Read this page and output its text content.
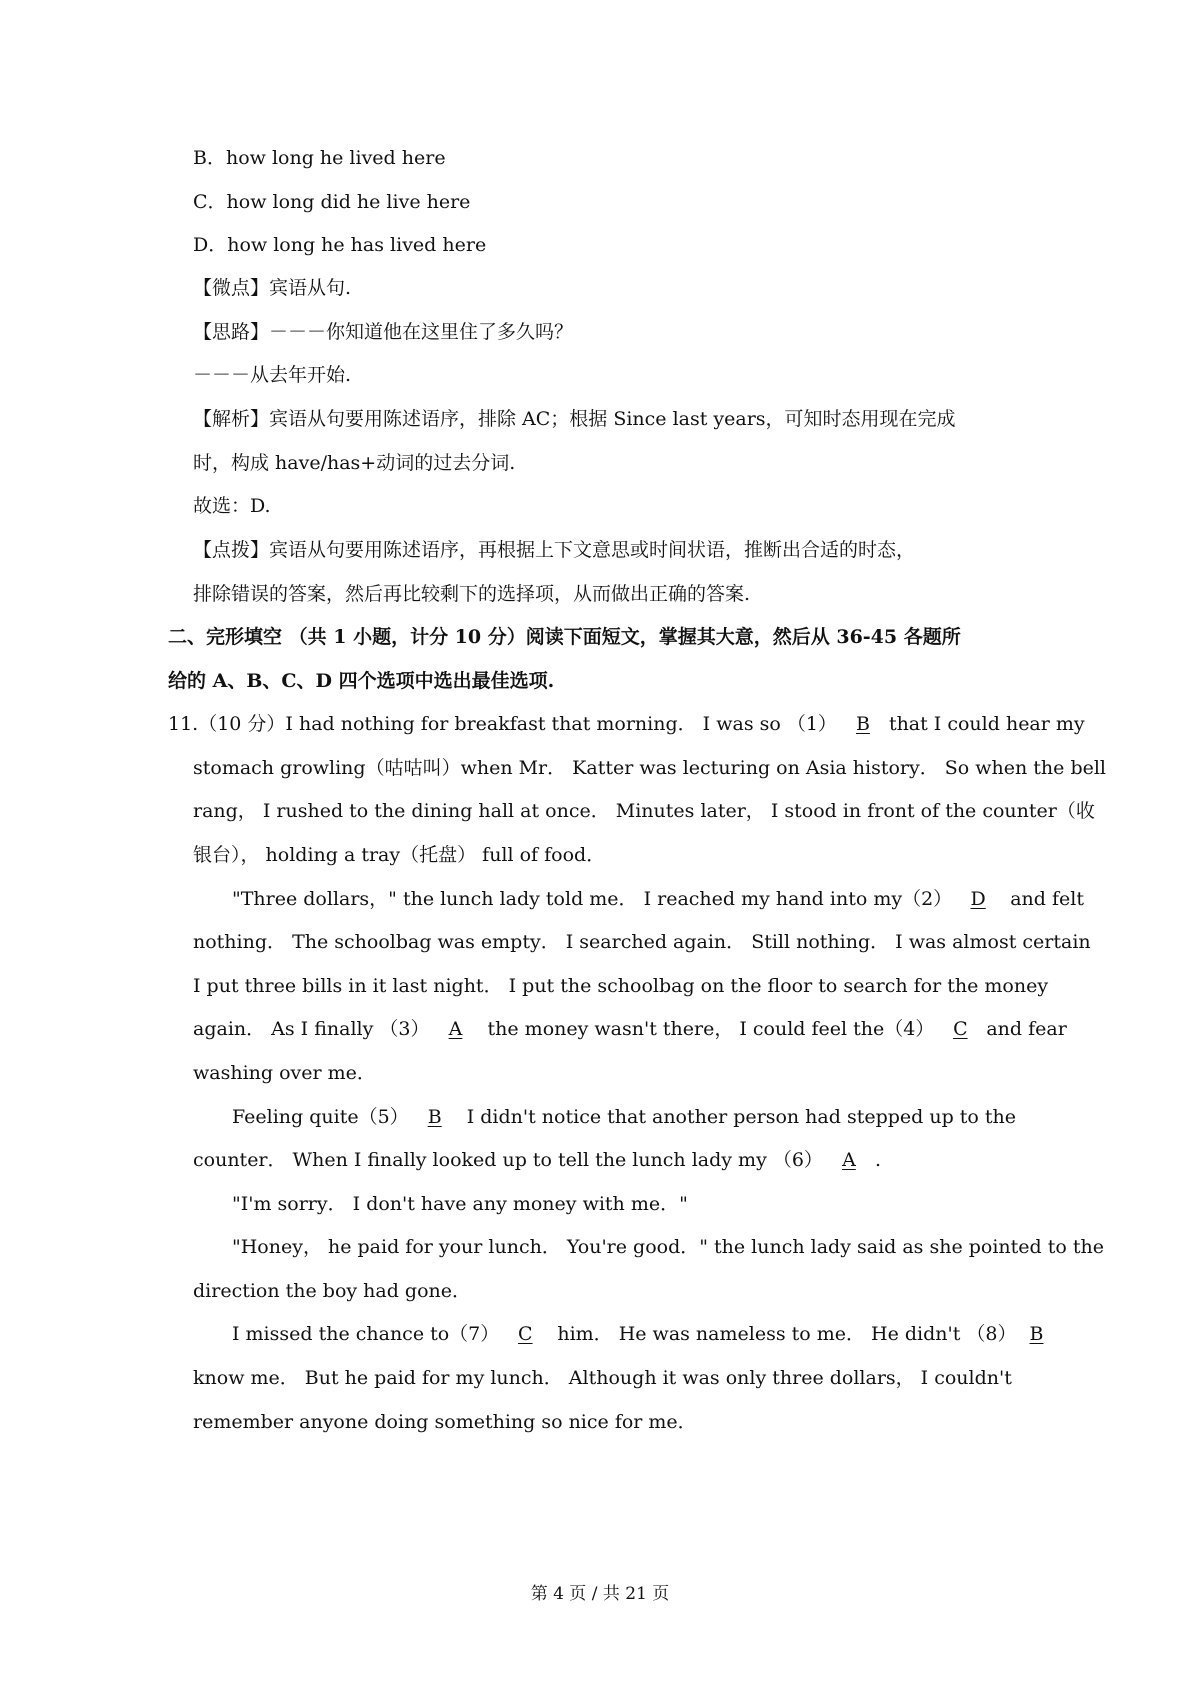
B．how long he lived here
C．how long did he live here
D．how long he has lived here
【微点】宾语从句.
【思路】－－－你知道他在这里住了多久吗？
－－－从去年开始.
【解析】宾语从句要用陈述语序，排除 AC；根据 Since last years，可知时态用现在完成
时，构成 have/has+动词的过去分词.
故选：D.
【点拨】宾语从句要用陈述语序，再根据上下文意思或时间状语，推断出合适的时态，
排除错误的答案，然后再比较剩下的选择项，从而做出正确的答案.
二、完形填空 （共 1 小题，计分 10 分）阅读下面短文，掌握其大意，然后从 36-45 各题所
给的 A、B、C、D 四个选项中选出最佳选项.
11.（10 分）I had nothing for breakfast that morning． I was so （1） B that I could hear my
stomach growling（咕咕叫）when Mr． Katter was lecturing on Asia history． So when the bell
rang， I rushed to the dining hall at once． Minutes later， I stood in front of the counter（收
银台）， holding a tray（托盘） full of food．
"Three dollars，" the lunch lady told me． I reached my hand into my（2） D and felt
nothing． The schoolbag was empty． I searched again． Still nothing． I was almost certain
I put three bills in it last night． I put the schoolbag on the floor to search for the money
again． As I finally （3） A the money wasn't there， I could feel the（4） C and fear
washing over me．
Feeling quite（5） B I didn't notice that another person had stepped up to the
counter． When I finally looked up to tell the lunch lady my （6） A .
"I'm sorry． I don't have any money with me．"
"Honey， he paid for your lunch． You're good．" the lunch lady said as she pointed to the
direction the boy had gone．
I missed the chance to（7） C him． He was nameless to me． He didn't （8） B
know me． But he paid for my lunch． Although it was only three dollars， I couldn't
remember anyone doing something so nice for me．
第 4 页 / 共 21 页
